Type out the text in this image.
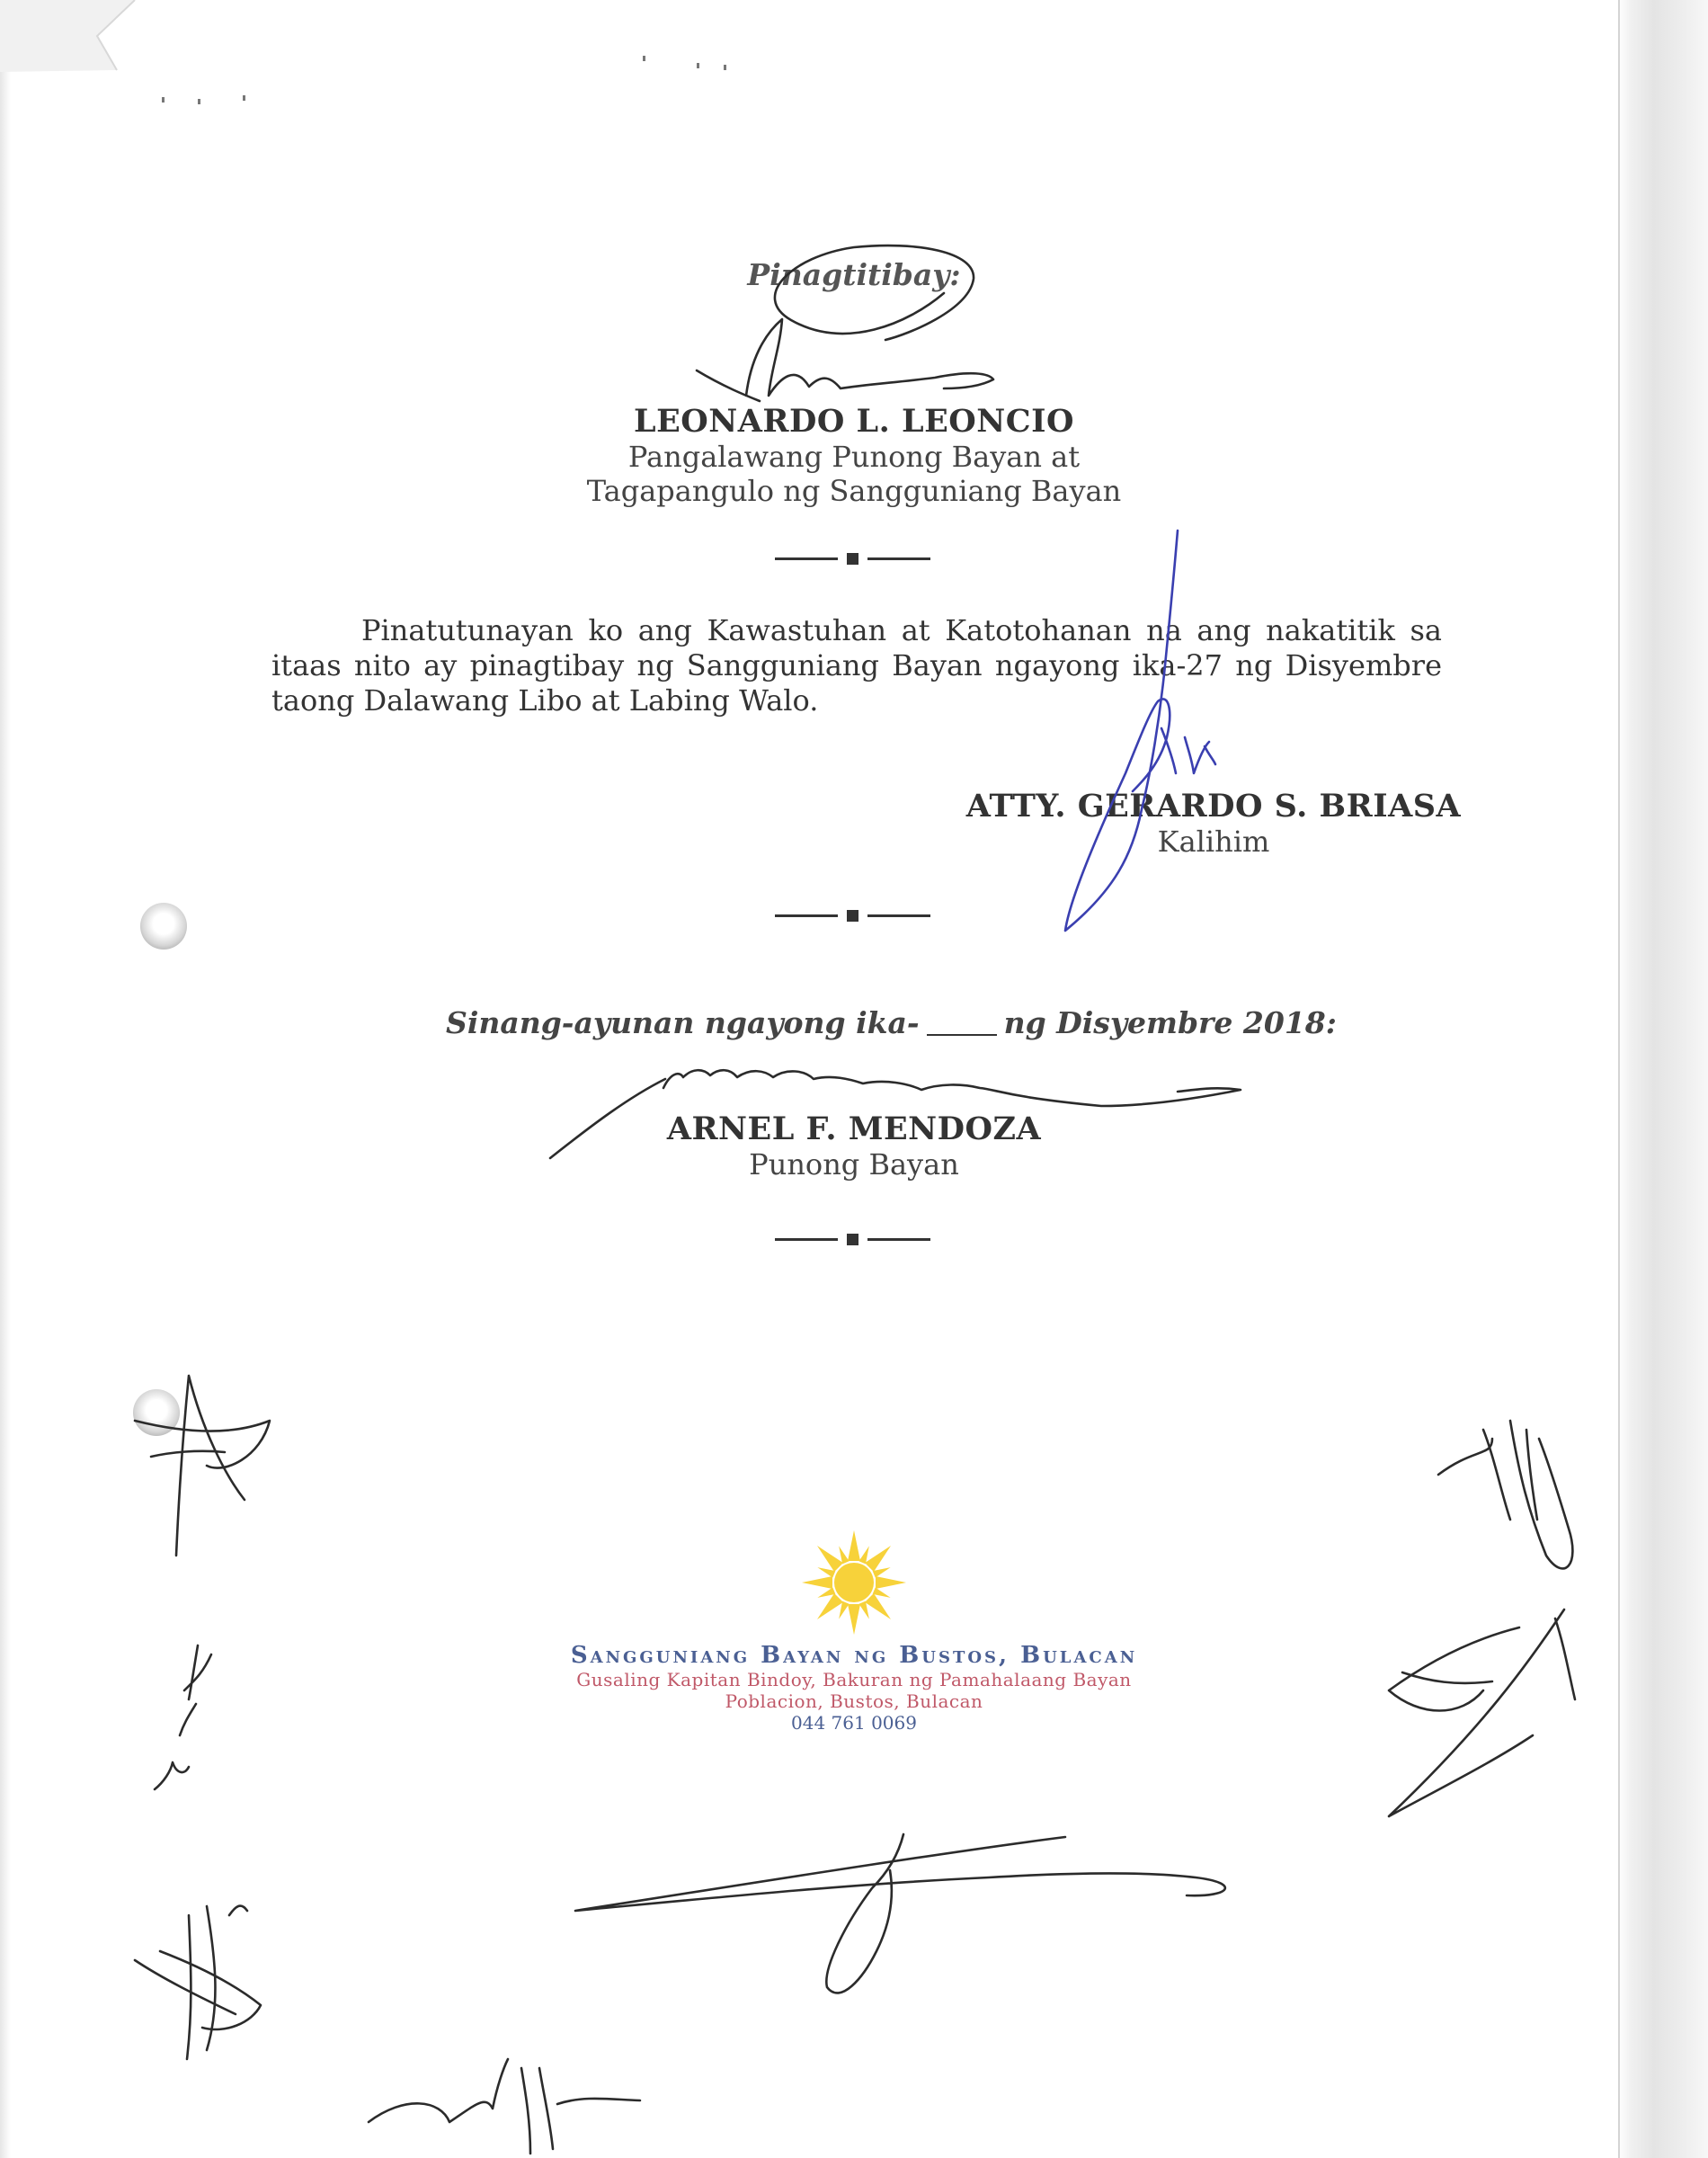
Pinagtitibay:
LEONARDO L. LEONCIO
Pangalawang Punong Bayan at
Tagapangulo ng Sangguniang Bayan
Pinatutunayan ko ang Kawastuhan at Katotohanan na ang nakatitik sa itaas nito ay pinagtibay ng Sangguniang Bayan ngayong ika-27 ng Disyembre taong Dalawang Libo at Labing Walo.
ATTY. GERARDO S. BRIASA
Kalihim
Sinang-ayunan ngayong ika-	ng Disyembre 2018:
ARNEL F. MENDOZA
Punong Bayan
Sangguniang Bayan ng Bustos, Bulacan
Gusaling Kapitan Bindoy, Bakuran ng Pamahalaang Bayan
Poblacion, Bustos, Bulacan
044 761 0069
